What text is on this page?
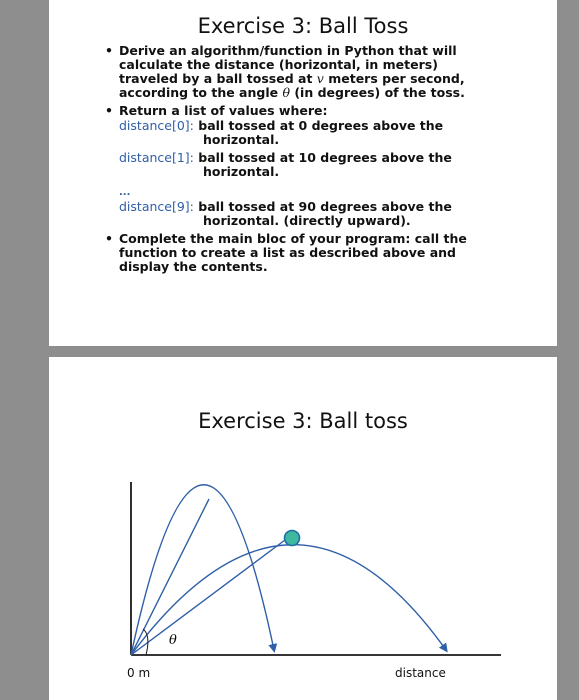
Exercise 3: Ball Toss
• Derive an algorithm/function in Python that will
calculate the distance (horizontal, in meters)
traveled by a ball tossed at v meters per second,
according to the angle θ (in degrees) of the toss.
• Return a list of values where:
distance[0]: ball tossed at 0 degrees above the
horizontal.
distance[1]: ball tossed at 10 degrees above the
horizontal.
...
distance[9]: ball tossed at 90 degrees above the
horizontal. (directly upward).
• Complete the main bloc of your program: call the
function to create a list as described above and
display the contents.
Exercise 3: Ball toss
θ
0 m	distance
